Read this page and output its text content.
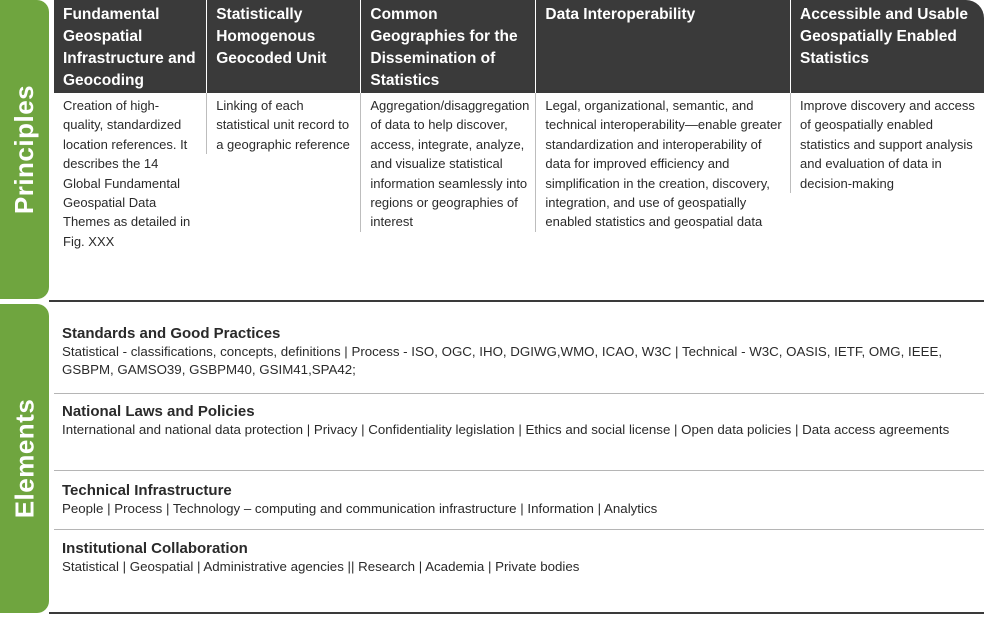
Principles
Elements
Fundamental Geospatial Infrastructure and Geocoding
Creation of high-quality, standardized location references. It describes the 14 Global Fundamental Geospatial Data Themes as detailed in Fig. XXX
Statistically Homogenous Geocoded Unit
Linking of each statistical unit record to a geographic reference
Common Geographies for the Dissemination of Statistics
Aggregation/disaggregation of data to help discover, access, integrate, analyze, and visualize statistical information seamlessly into regions or geographies of interest
Data Interoperability
Legal, organizational, semantic, and technical interoperability—enable greater standardization and interoperability of data for improved efficiency and simplification in the creation, discovery, integration, and use of geospatially enabled statistics and geospatial data
Accessible and Usable Geospatially Enabled Statistics
Improve discovery and access of geospatially enabled statistics and support analysis and evaluation of data in decision-making
Standards and Good Practices
Statistical - classifications, concepts, definitions | Process - ISO, OGC, IHO, DGIWG,WMO, ICAO, W3C | Technical - W3C, OASIS, IETF, OMG, IEEE, GSBPM, GAMSO39, GSBPM40, GSIM41,SPA42;
National Laws and Policies
International and national data protection | Privacy | Confidentiality legislation | Ethics and social license | Open data policies | Data access agreements
Technical Infrastructure
People | Process | Technology – computing and communication infrastructure | Information | Analytics
Institutional Collaboration
Statistical | Geospatial | Administrative agencies || Research | Academia | Private bodies
